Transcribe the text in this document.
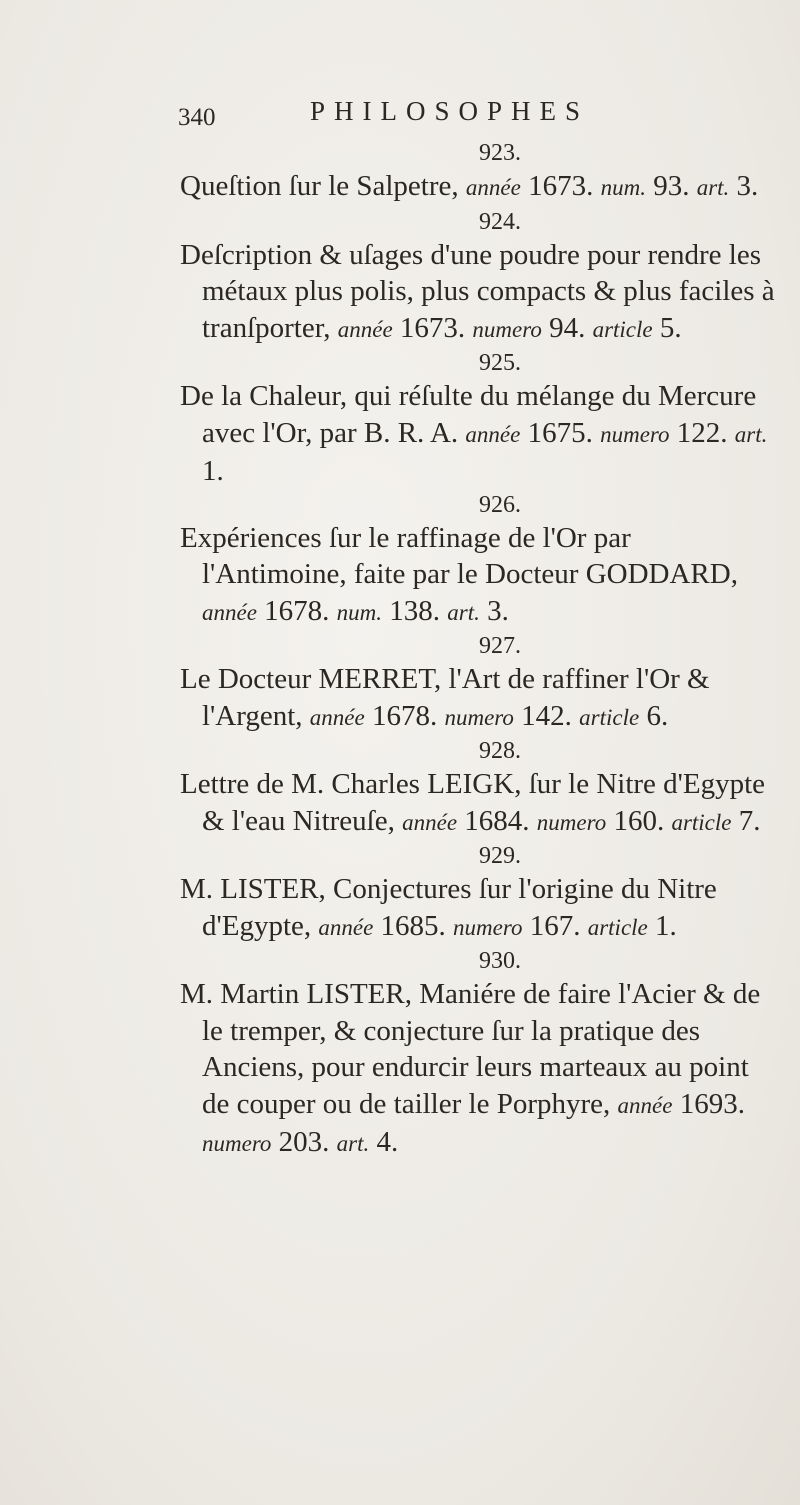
340	PHILOSOPHES
923.

Queſtion ſur le Salpetre, année 1673. num. 93. art. 3.

924.

Deſcription & uſages d'une poudre pour rendre les métaux plus polis, plus compacts & plus faciles à tranſporter, année 1673. numero 94. article 5.

925.

De la Chaleur, qui réſulte du mélange du Mercure avec l'Or, par B. R. A. année 1675. numero 122. art. 1.

926.

Expériences ſur le raffinage de l'Or par l'Antimoine, faite par le Docteur GODDARD, année 1678. num. 138. art. 3.

927.

Le Docteur MERRET, l'Art de raffiner l'Or & l'Argent, année 1678. numero 142. article 6.

928.

Lettre de M. Charles LEIGK, ſur le Nitre d'Egypte & l'eau Nitreuſe, année 1684. numero 160. article 7.

929.

M. LISTER, Conjectures ſur l'origine du Nitre d'Egypte, année 1685. numero 167. article 1.

930.

M. Martin LISTER, Maniére de faire l'Acier & de le tremper, & conjecture ſur la pratique des Anciens, pour endurcir leurs marteaux au point de couper ou de tailler le Porphyre, année 1693. numero 203. art. 4.
